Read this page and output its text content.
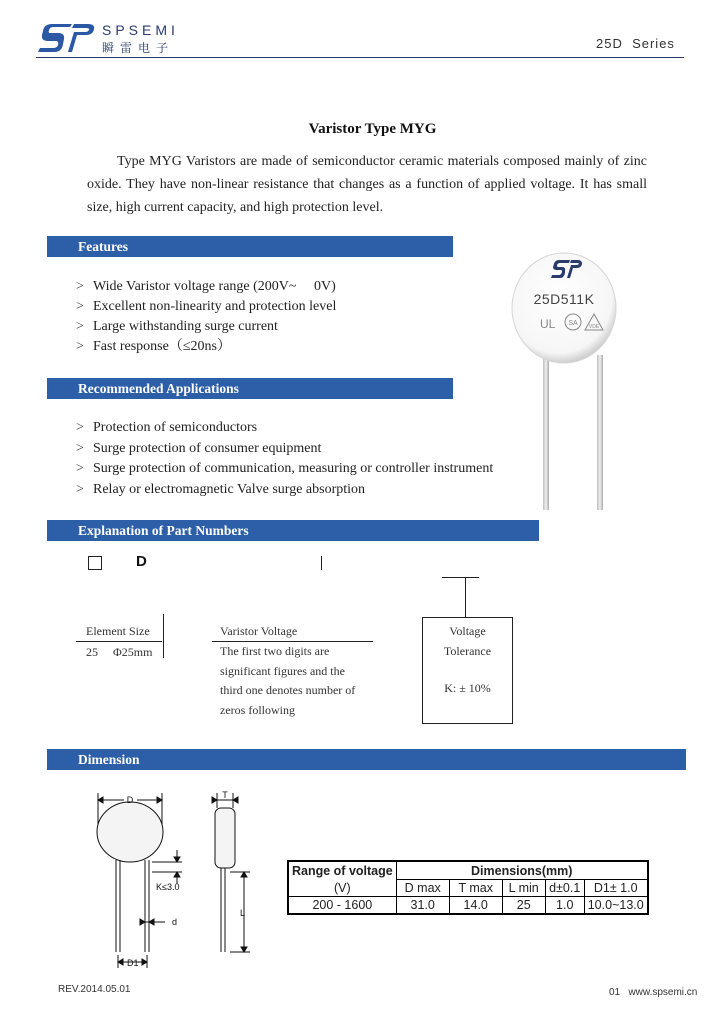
SPSEMI
瞬雷电子	25D  Series
Varistor Type MYG
Type MYG Varistors are made of semiconductor ceramic materials composed mainly of zinc oxide. They have non-linear resistance that changes as a function of applied voltage. It has small size, high current capacity, and high protection level.
Features
> Wide Varistor voltage range (200V~     0V)
> Excellent non-linearity and protection level
> Large withstanding surge current
> Fast response（≤20ns）
25D511K
UL SA VDE
Recommended Applications
> Protection of semiconductors
> Surge protection of consumer equipment
> Surge protection of communication, measuring or controller instrument
> Relay or electromagnetic Valve surge absorption
Explanation of Part Numbers
D
Element Size
25     Φ25mm
Varistor Voltage
The first two digits are
significant figures and the
third one denotes number of
zeros following
Voltage
Tolerance
K: ± 10%
Dimension
D	T
K≤3.0
L
d
D1
Range of voltage	Dimensions(mm)				
(V)	D max	T max	L min	d±0.1	D1± 1.0
200 - 1600	31.0	14.0	25	1.0	10.0~13.0
REV.2014.05.01	01   www.spsemi.cn
